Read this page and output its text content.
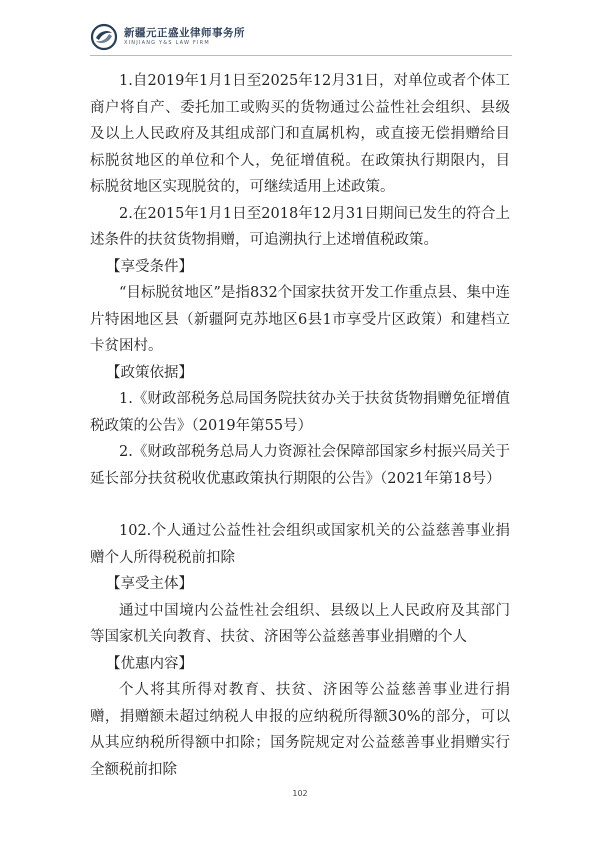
新疆元正盛业律师事务所
XINJIANG Y&S LAW FIRM

1.自2019年1月1日至2025年12月31日，对单位或者个体工商户将自产、委托加工或购买的货物通过公益性社会组织、县级及以上人民政府及其组成部门和直属机构，或直接无偿捐赠给目标脱贫地区的单位和个人，免征增值税。在政策执行期限内，目标脱贫地区实现脱贫的，可继续适用上述政策。

2.在2015年1月1日至2018年12月31日期间已发生的符合上述条件的扶贫货物捐赠，可追溯执行上述增值税政策。

【享受条件】

“目标脱贫地区”是指832个国家扶贫开发工作重点县、集中连片特困地区县（新疆阿克苏地区6县1市享受片区政策）和建档立卡贫困村。

【政策依据】

1.《财政部税务总局国务院扶贫办关于扶贫货物捐赠免征增值税政策的公告》（2019年第55号）

2.《财政部税务总局人力资源社会保障部国家乡村振兴局关于延长部分扶贫税收优惠政策执行期限的公告》（2021年第18号）

102.个人通过公益性社会组织或国家机关的公益慈善事业捐赠个人所得税税前扣除

【享受主体】

通过中国境内公益性社会组织、县级以上人民政府及其部门等国家机关向教育、扶贫、济困等公益慈善事业捐赠的个人

【优惠内容】

个人将其所得对教育、扶贫、济困等公益慈善事业进行捐赠，捐赠额未超过纳税人申报的应纳税所得额30%的部分，可以从其应纳税所得额中扣除；国务院规定对公益慈善事业捐赠实行全额税前扣除

102
